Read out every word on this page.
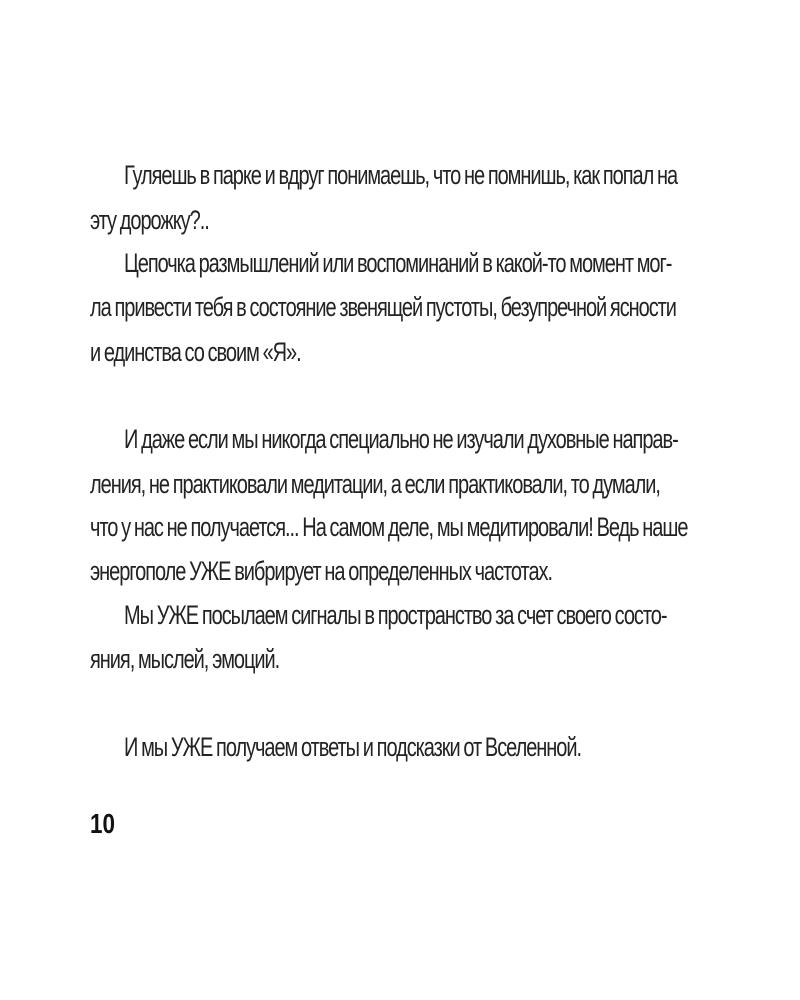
Гуляешь в парке и вдруг понимаешь, что не помнишь, как попал на
эту дорожку?..
Цепочка размышлений или воспоминаний в какой-то момент мог-
ла привести тебя в состояние звенящей пустоты, безупречной ясности
и единства со своим «Я».
И даже если мы никогда специально не изучали духовные направ-
ления, не практиковали медитации, а если практиковали, то думали,
что у нас не получается... На самом деле, мы медитировали! Ведь наше
энергополе УЖЕ вибрирует на определенных частотах.
Мы УЖЕ посылаем сигналы в пространство за счет своего состо-
яния, мыслей, эмоций.
И мы УЖЕ получаем ответы и подсказки от Вселенной.
10
